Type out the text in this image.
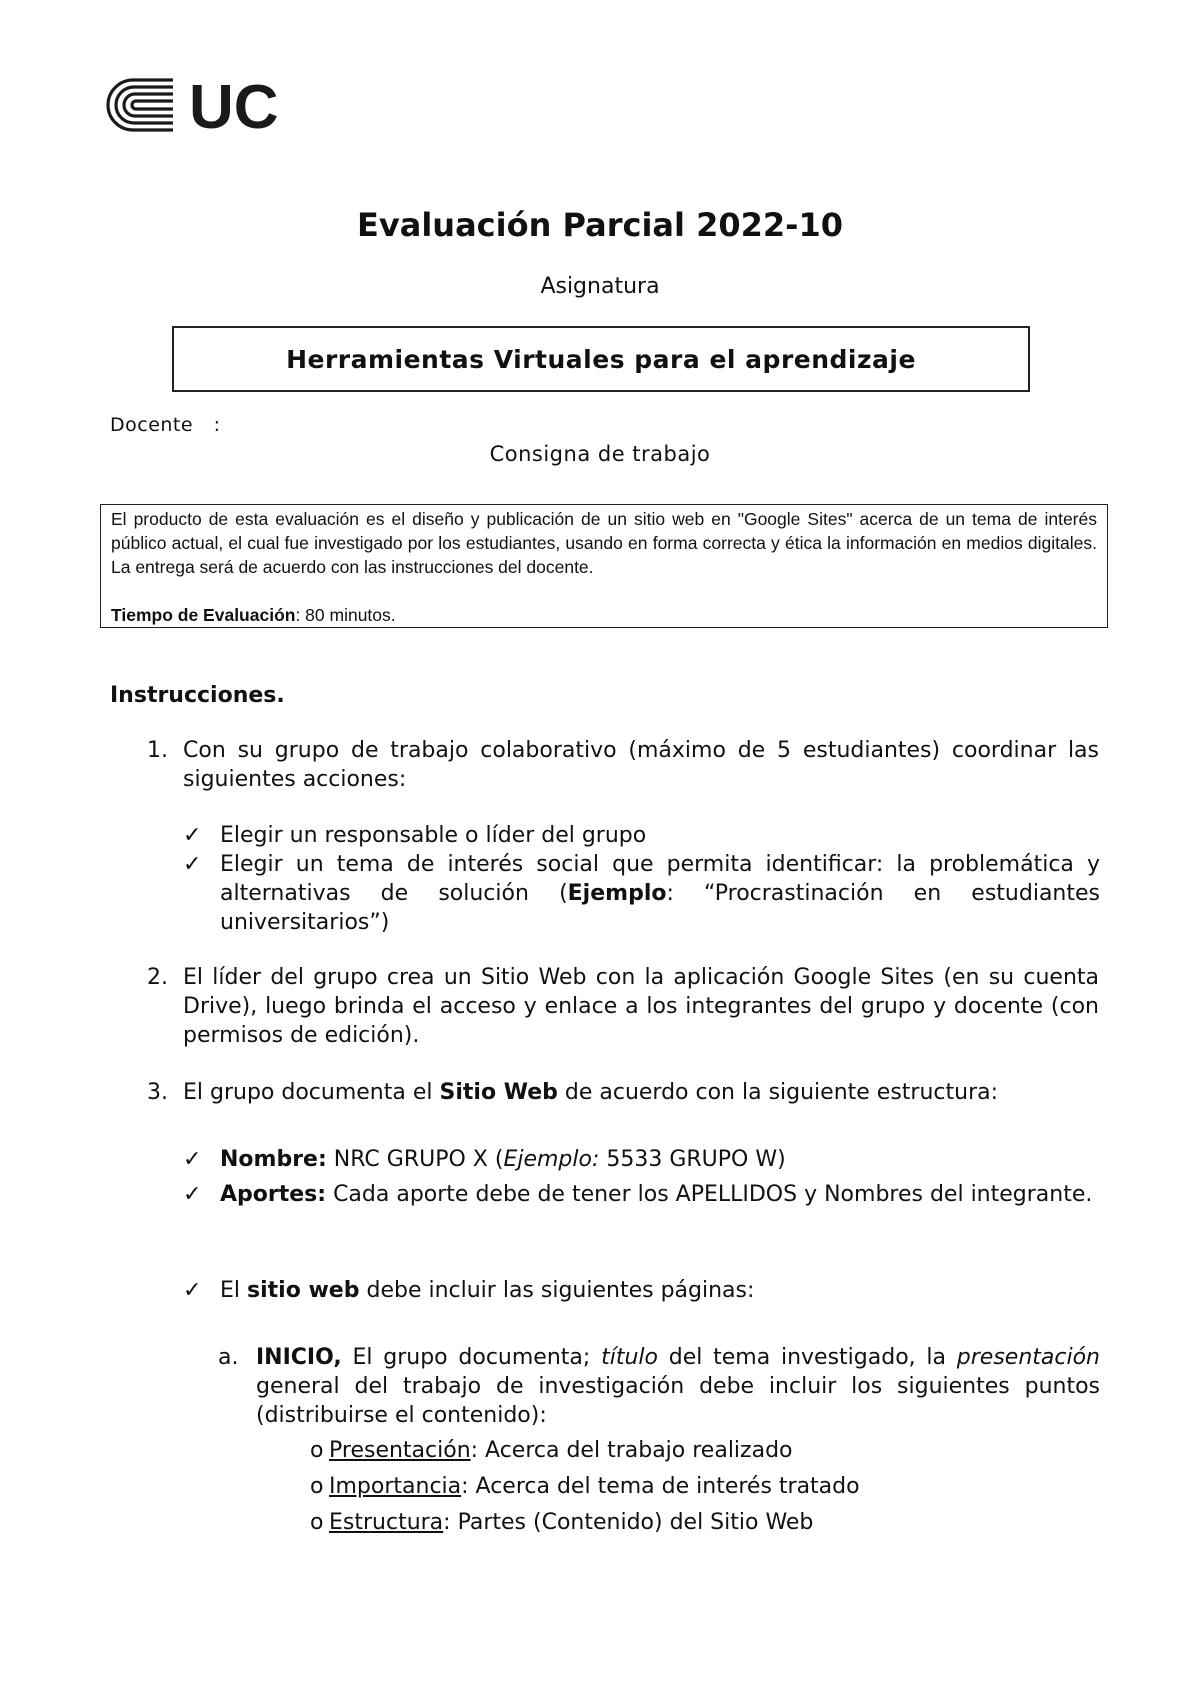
UC
Evaluación Parcial 2022-10
Asignatura
Herramientas Virtuales para el aprendizaje
Docente :
Consigna de trabajo

El producto de esta evaluación es el diseño y publicación de un sitio web en "Google Sites" acerca de un tema de interés público actual, el cual fue investigado por los estudiantes, usando en forma correcta y ética la información en medios digitales. La entrega será de acuerdo con las instrucciones del docente.

Tiempo de Evaluación: 80 minutos.

Instrucciones.
1. Con su grupo de trabajo colaborativo (máximo de 5 estudiantes) coordinar las siguientes acciones:
✓ Elegir un responsable o líder del grupo
✓ Elegir un tema de interés social que permita identificar: la problemática y alternativas de solución (Ejemplo: “Procrastinación en estudiantes universitarios”)
2. El líder del grupo crea un Sitio Web con la aplicación Google Sites (en su cuenta Drive), luego brinda el acceso y enlace a los integrantes del grupo y docente (con permisos de edición).
3. El grupo documenta el Sitio Web de acuerdo con la siguiente estructura:
✓ Nombre: NRC GRUPO X (Ejemplo: 5533 GRUPO W)
✓ Aportes: Cada aporte debe de tener los APELLIDOS y Nombres del integrante.
✓ El sitio web debe incluir las siguientes páginas:
a. INICIO, El grupo documenta; título del tema investigado, la presentación general del trabajo de investigación debe incluir los siguientes puntos (distribuirse el contenido):
o Presentación: Acerca del trabajo realizado
o Importancia: Acerca del tema de interés tratado
o Estructura: Partes (Contenido) del Sitio Web
